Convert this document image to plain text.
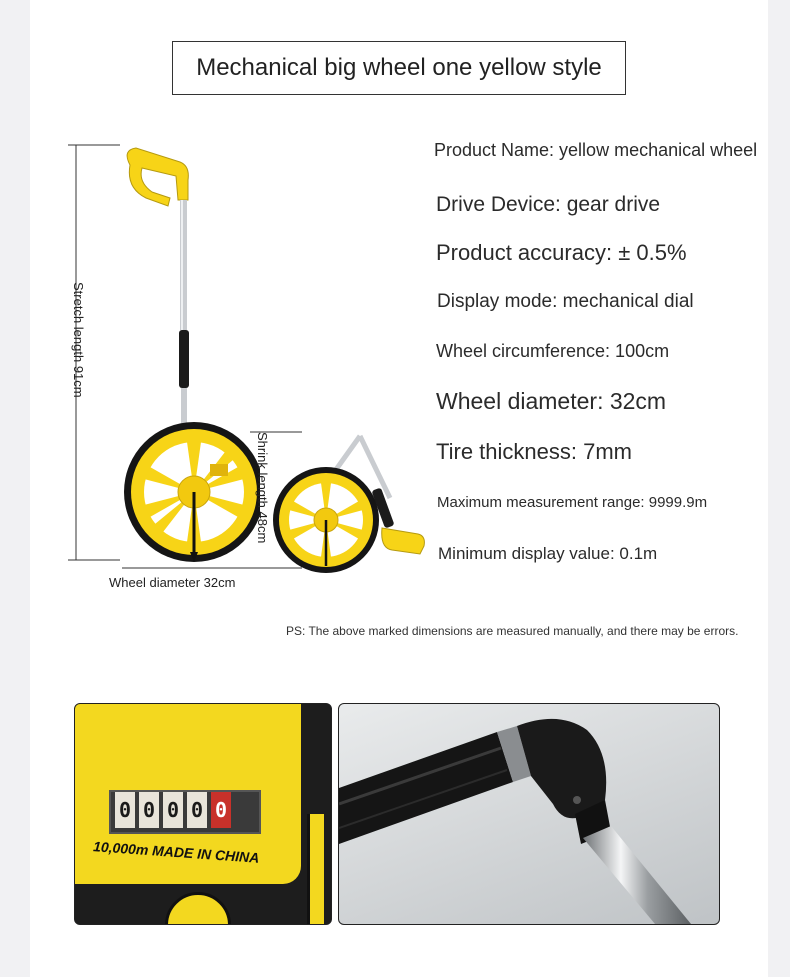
Mechanical big wheel one yellow style
Product Name: yellow mechanical wheel
Drive Device: gear drive
Product accuracy: ± 0.5%
Display mode: mechanical dial
Wheel circumference: 100cm
Wheel diameter: 32cm
Tire thickness: 7mm
Maximum measurement range: 9999.9m
Minimum display value: 0.1m
Stretch length 91cm
Wheel diameter 32cm
Shrink length 48cm
PS: The above marked dimensions are measured manually, and there may be errors.
0 0 0 0 0
10,000m MADE IN CHINA
